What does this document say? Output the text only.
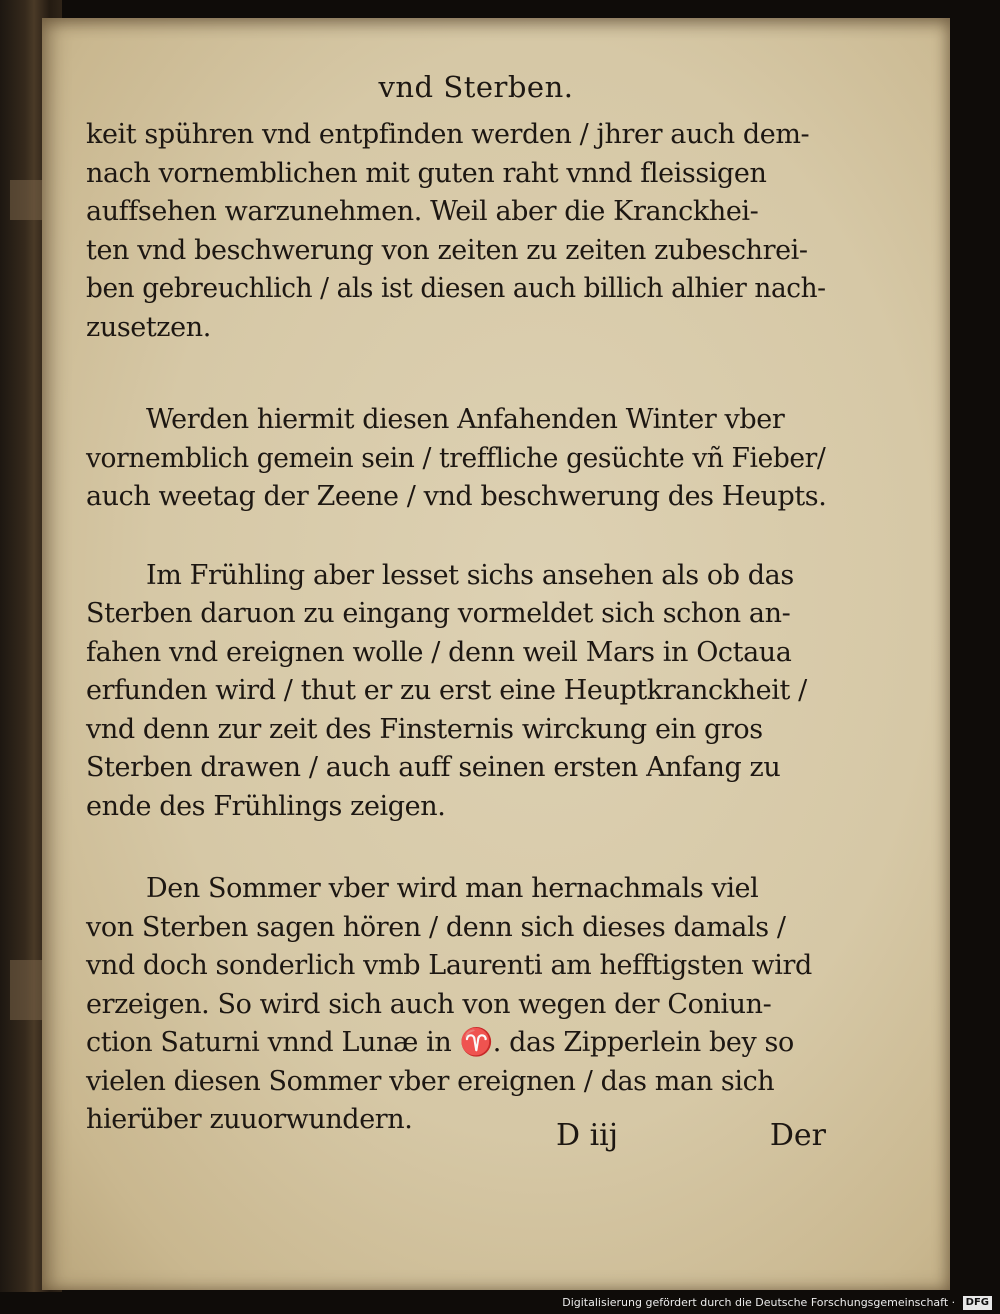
vnd Sterben.

keit spühren vnd entpfinden werden / jhrer auch dem-
nach vornemblichen mit guten raht vnnd fleissigen
auffsehen warzunehmen. Weil aber die Kranckhei-
ten vnd beschwerung von zeiten zu zeiten zubeschrei-
ben gebreuchlich / als ist diesen auch billich alhier nach-
zusetzen.

Werden hiermit diesen Anfahenden Winter vber
vornemblich gemein sein / treffliche gesüchte vñ Fieber/
auch weetag der Zeene / vnd beschwerung des Heupts.

Im Frühling aber lesset sichs ansehen als ob das
Sterben daruon zu eingang vormeldet sich schon an-
fahen vnd ereignen wolle / denn weil Mars in Octaua
erfunden wird / thut er zu erst eine Heuptkranckheit /
vnd denn zur zeit des Finsternis wirckung ein gros
Sterben drawen / auch auff seinen ersten Anfang zu
ende des Frühlings zeigen.

Den Sommer vber wird man hernachmals viel
von Sterben sagen hören / denn sich dieses damals /
vnd doch sonderlich vmb Laurenti am hefftigsten wird
erzeigen. So wird sich auch von wegen der Coniun-
ction Saturni vnnd Lunæ in ♈. das Zipperlein bey so
vielen diesen Sommer vber ereignen / das man sich
hierüber zuuorwundern.	D iij	Der
Digitalisierung gefördert durch die Deutsche Forschungsgemeinschaft · DFG
